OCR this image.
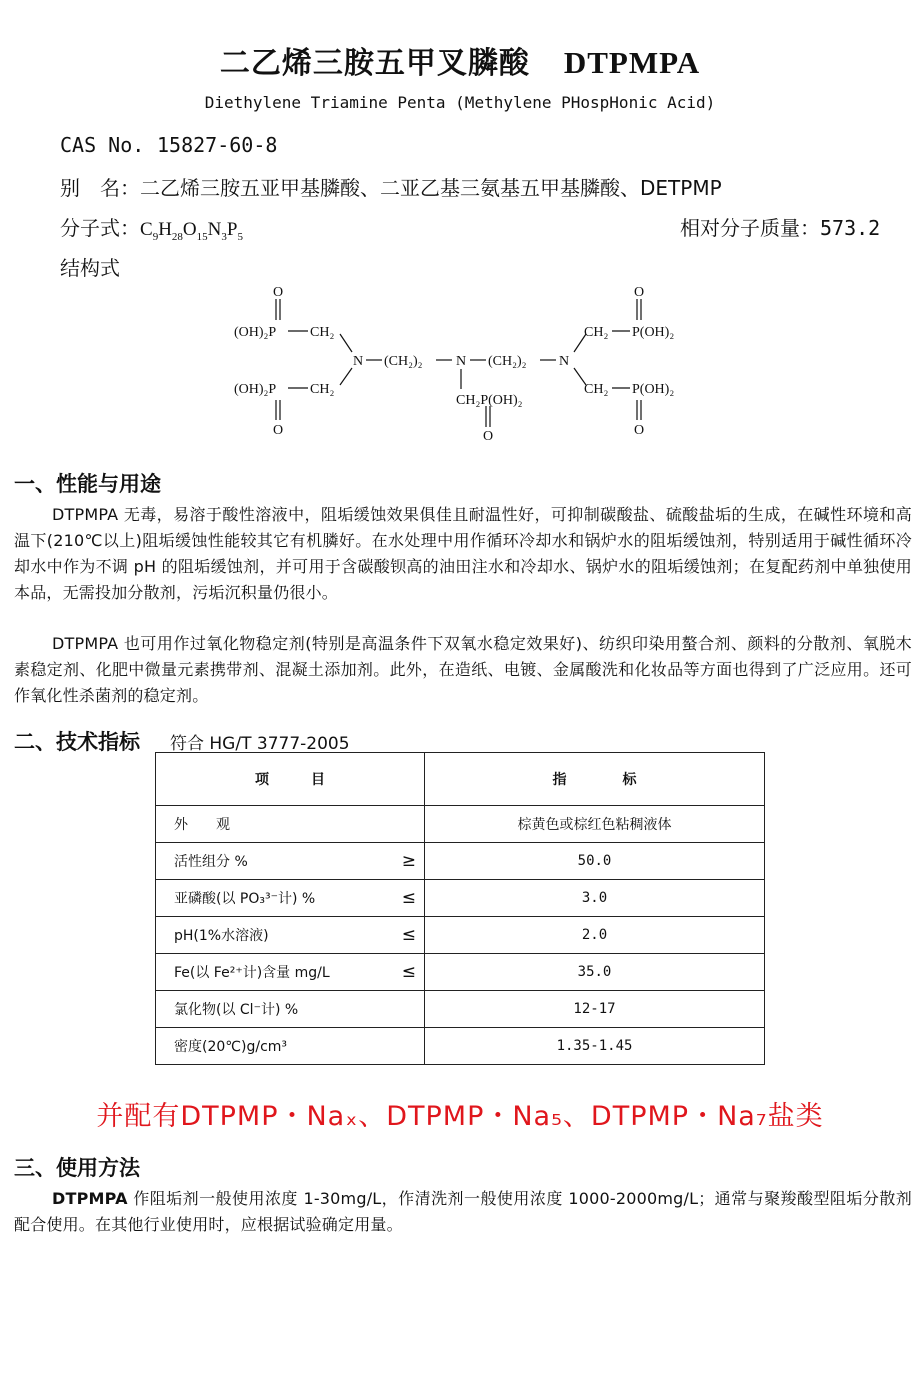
二乙烯三胺五甲叉膦酸 DTPMPA
Diethylene Triamine Penta (Methylene PHospHonic Acid)
CAS No. 15827-60-8
别　名：二乙烯三胺五亚甲基膦酸、二亚乙基三氨基五甲基膦酸、DETPMP
分子式：$C_9H_{28}O_{15}N_3P_5$	相对分子质量：573.2
结构式
O
(OH)₂P CH₂
(OH)₂P CH₂
O
N (CH₂)₂ N (CH₂)₂ N
CH₂P(OH)₂
O
CH₂ P(OH)₂
O
CH₂ P(OH)₂
O
一、性能与用途
DTPMPA 无毒，易溶于酸性溶液中，阻垢缓蚀效果俱佳且耐温性好，可抑制碳酸盐、硫酸盐垢的生成，在碱性环境和高温下(210℃以上)阻垢缓蚀性能较其它有机膦好。在水处理中用作循环冷却水和锅炉水的阻垢缓蚀剂，特别适用于碱性循环冷却水中作为不调 pH 的阻垢缓蚀剂，并可用于含碳酸钡高的油田注水和冷却水、锅炉水的阻垢缓蚀剂；在复配药剂中单独使用本品，无需投加分散剂，污垢沉积量仍很小。
DTPMPA 也可用作过氧化物稳定剂(特别是高温条件下双氧水稳定效果好)、纺织印染用螯合剂、颜料的分散剂、氧脱木素稳定剂、化肥中微量元素携带剂、混凝土添加剂。此外，在造纸、电镀、金属酸洗和化妆品等方面也得到了广泛应用。还可作氧化性杀菌剂的稳定剂。
二、技术指标 符合 HG/T 3777-2005
项　　　目	指　　　　标
外　　观	棕黄色或棕红色粘稠液体
活性组分 % ≥	50.0
亚磷酸(以 PO₃³⁻计) % ≤	3.0
pH(1%水溶液) ≤	2.0
Fe(以 Fe²⁺计)含量 mg/L ≤	35.0
氯化物(以 Cl⁻计) %	12-17
密度(20℃)g/cm³	1.35-1.45
并配有DTPMP・Naₓ、DTPMP・Na₅、DTPMP・Na₇盐类
三、使用方法
DTPMPA 作阻垢剂一般使用浓度 1-30mg/L，作清洗剂一般使用浓度 1000-2000mg/L；通常与聚羧酸型阻垢分散剂配合使用。在其他行业使用时，应根据试验确定用量。
